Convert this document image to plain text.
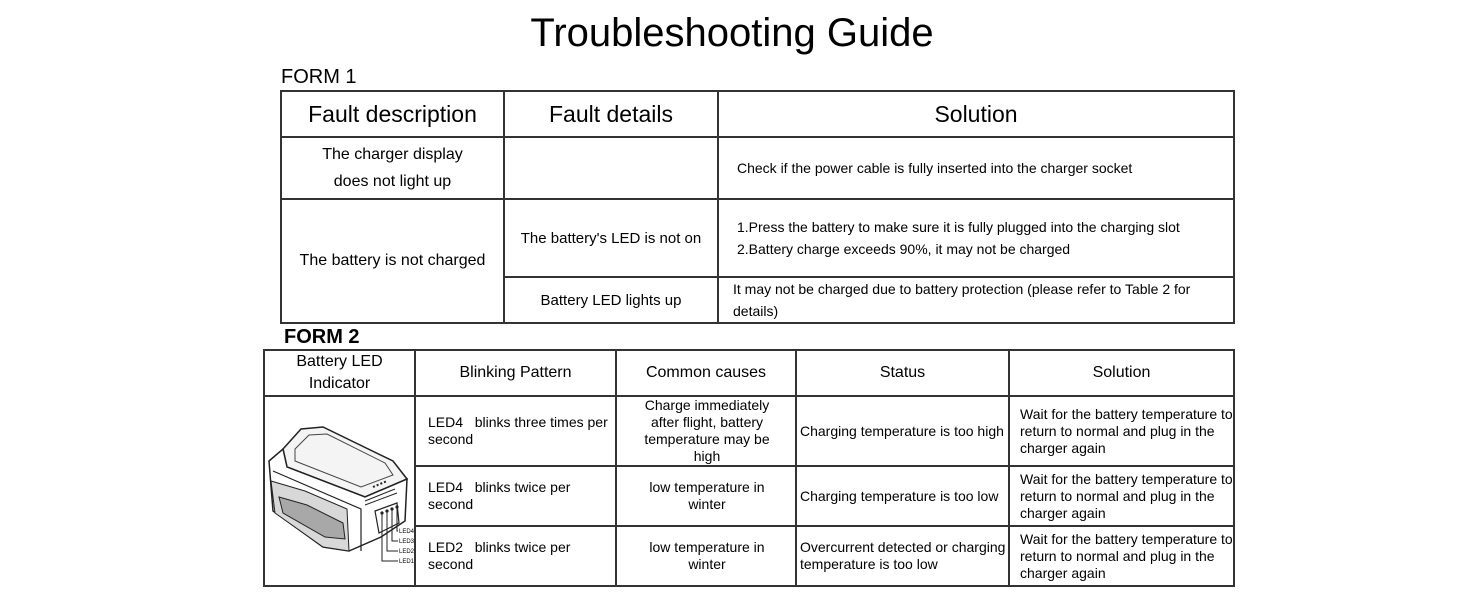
Troubleshooting Guide
FORM 1
Fault description	Fault details	Solution

The charger display
does not light up		Check if the power cable is fully inserted into the charger socket
The battery is not charged	The battery's LED is not on	1.Press the battery to make sure it is fully plugged into the charging slot
2.Battery charge exceeds 90%, it may not be charged

	Battery LED lights up	It may not be charged due to battery protection (please refer to Table 2 for details)
FORM 2
Battery LED Indicator	Blinking Pattern	Common causes	Status	Solution

LED4
LED3
LED2
LED1	LED4   blinks three times per second	Charge immediately after flight, battery temperature may be high	Charging temperature is too high	Wait for the battery temperature to return to normal and plug in the charger again
	LED4   blinks twice per second	low temperature in winter	Charging temperature is too low	Wait for the battery temperature to return to normal and plug in the charger again
	LED2   blinks twice per second	low temperature in winter	Overcurrent detected or charging temperature is too low	Wait for the battery temperature to return to normal and plug in the charger again
